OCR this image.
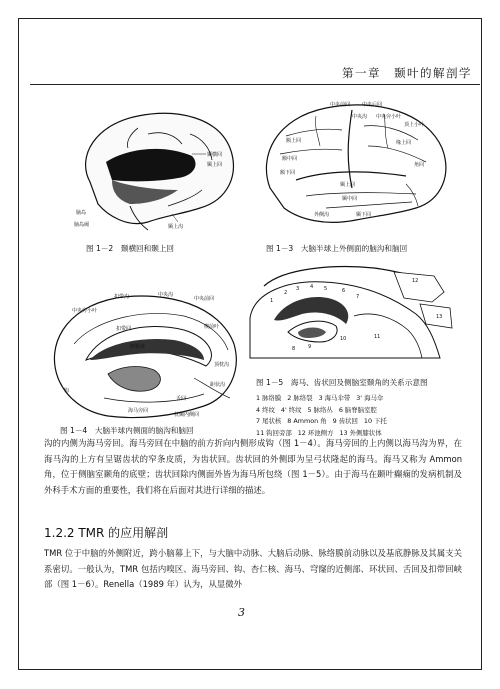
第一章　颞叶的解剖学
颞横回
颞上回
脑岛
颞上沟
脑岛阈
图 1－2　颞横回和颞上回
中央前回 中央后回
中央沟 中央旁小叶
额上回
额中回
额下回
外侧沟
颞上回
颞中回
颞下回
缘上回
角回
顶上小叶
图 1－3　大脑半球上外侧面的脑沟和脑回
中央旁小叶
扣带沟	中央沟
中央前回
胼胝体
扣带回	楔前叶
顶枕沟
距状沟
舌回
海马旁回
钩
枕颞内侧回
图 1－4　大脑半球内侧面的脑沟和脑回
1
2
3 4 5	6
7
8	9
10	11
12
13
图 1－5　海马、齿状回及侧脑室颞角的关系示意图
1 脉络膜 2 脉络裂 3 海马伞带 3' 海马伞
4 终纹 4' 终纹 5 脉络丛 6 脑脊脑室腔
7 尾状核 8 Ammon 角 9 齿状回 10 下托
11 钩回旁部 12 环池侧方 13 外侧膝状体
沟的内侧为海马旁回。海马旁回在中脑的前方折向内侧形成钩（图 1－4）。海马旁回的上内侧以海马沟为界，在海马沟的上方有呈锯齿状的窄条皮质，为齿状回。齿状回的外侧即为呈弓状隆起的海马。海马又称为 Ammon 角，位于侧脑室颞角的底壁；齿状回除内侧面外皆为海马所包绕（图 1－5）。由于海马在颞叶癫痫的发病机制及外科手术方面的重要性，我们将在后面对其进行详细的描述。
1.2.2 TMR 的应用解剖
TMR 位于中脑的外侧附近，跨小脑幕上下，与大脑中动脉、大脑后动脉、脉络膜前动脉以及基底静脉及其属支关系密切。一般认为，TMR 包括内嗅区、海马旁回、钩、杏仁核、海马、穹窿的近侧部、环状回、舌回及扣带回峡部（图 1－6）。Renella（1989 年）认为，从显微外
3
